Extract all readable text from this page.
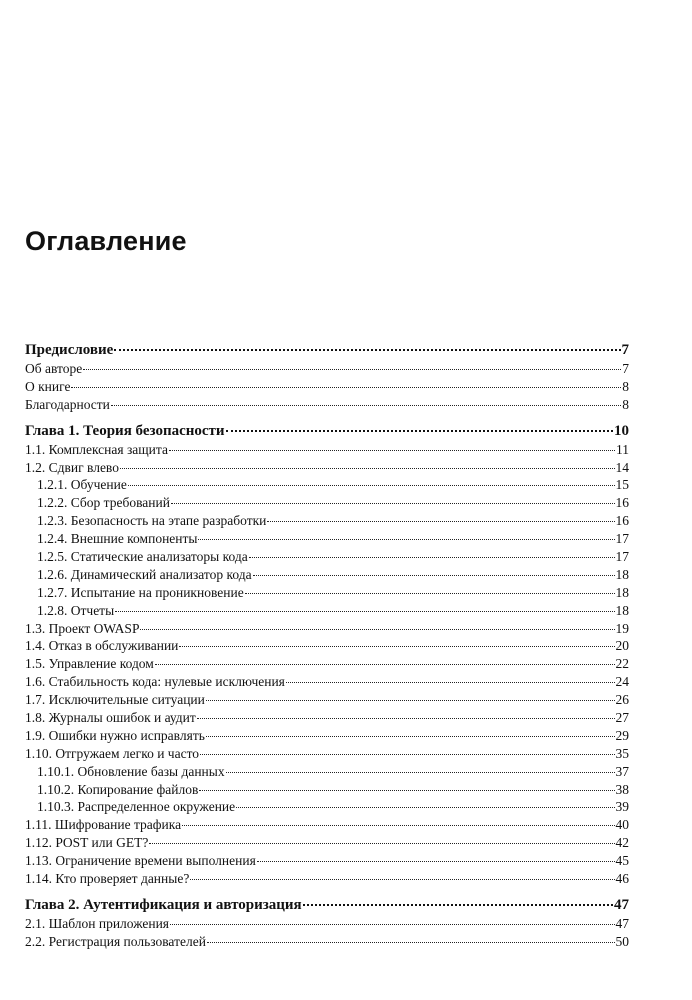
Оглавление
Предисловие	7
Об авторе	7
О книге	8
Благодарности	8
Глава 1. Теория безопасности	10
1.1. Комплексная защита	11
1.2. Сдвиг влево	14
1.2.1. Обучение	15
1.2.2. Сбор требований	16
1.2.3. Безопасность на этапе разработки	16
1.2.4. Внешние компоненты	17
1.2.5. Статические анализаторы кода	17
1.2.6. Динамический анализатор кода	18
1.2.7. Испытание на проникновение	18
1.2.8. Отчеты	18
1.3. Проект OWASP	19
1.4. Отказ в обслуживании	20
1.5. Управление кодом	22
1.6. Стабильность кода: нулевые исключения	24
1.7. Исключительные ситуации	26
1.8. Журналы ошибок и аудит	27
1.9. Ошибки нужно исправлять	29
1.10. Отгружаем легко и часто	35
1.10.1. Обновление базы данных	37
1.10.2. Копирование файлов	38
1.10.3. Распределенное окружение	39
1.11. Шифрование трафика	40
1.12. POST или GET?	42
1.13. Ограничение времени выполнения	45
1.14. Кто проверяет данные?	46
Глава 2. Аутентификация и авторизация	47
2.1. Шаблон приложения	47
2.2. Регистрация пользователей	50
